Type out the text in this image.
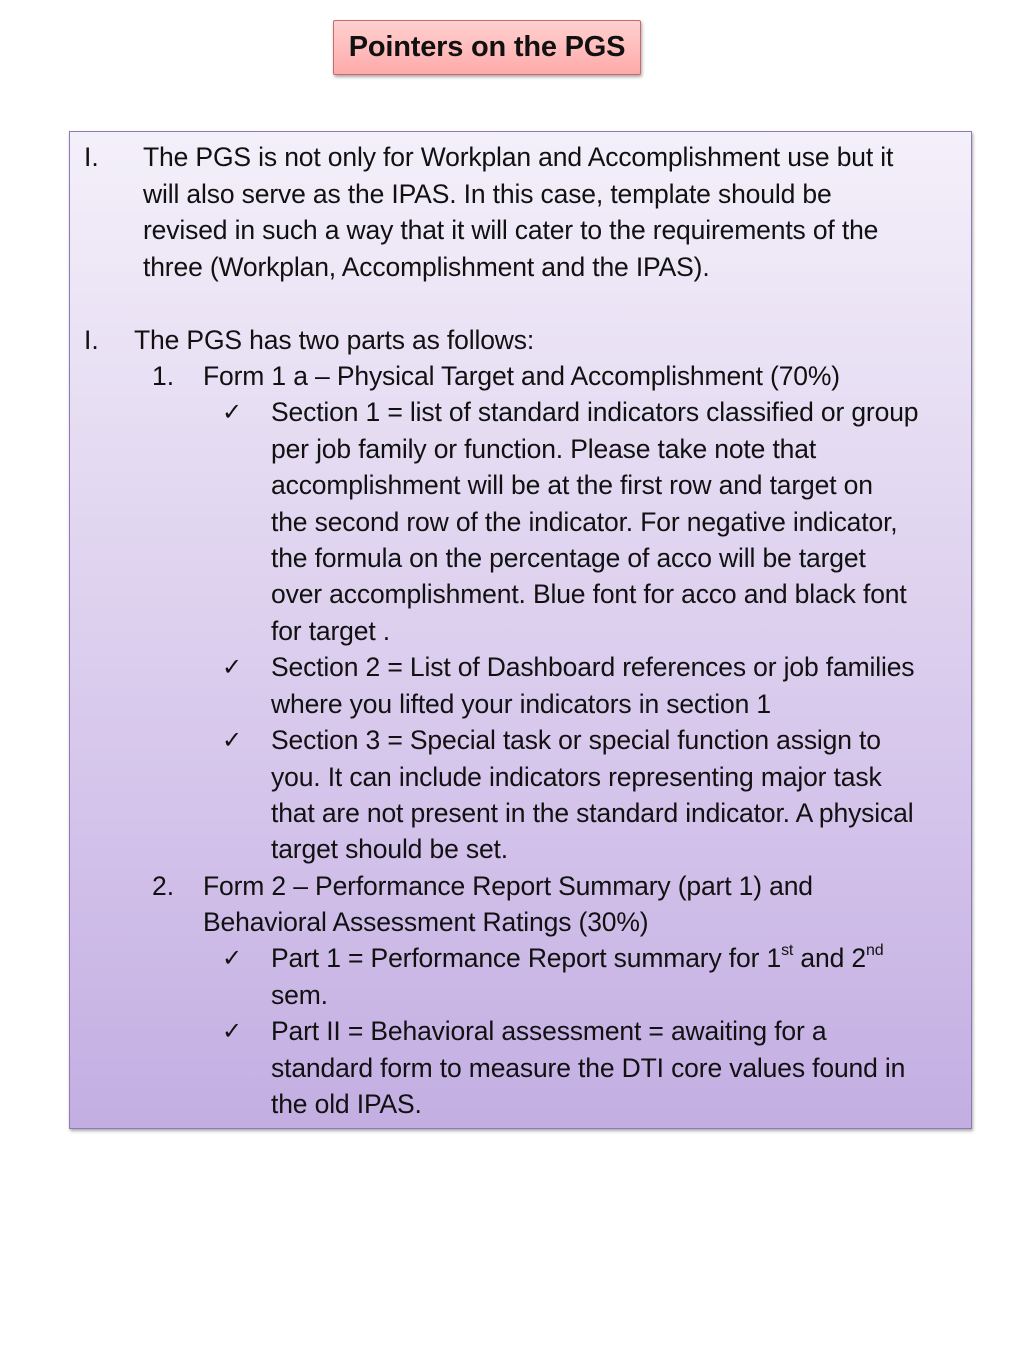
Pointers on the PGS
I. The PGS is not only for Workplan and Accomplishment use but it
will also serve as the IPAS. In this case, template should be
revised in such a way that it will cater to the requirements of the
three (Workplan, Accomplishment and the IPAS).
I. The PGS has two parts as follows:
1. Form 1 a – Physical Target and Accomplishment (70%)
✓ Section 1 = list of standard indicators classified or group
per job family or function. Please take note that
accomplishment will be at the first row and target on
the second row of the indicator. For negative indicator,
the formula on the percentage of acco will be target
over accomplishment. Blue font for acco and black font
for target .
✓ Section 2 = List of Dashboard references or job families
where you lifted your indicators in section 1
✓ Section 3 = Special task or special function assign to
you. It can include indicators representing major task
that are not present in the standard indicator. A physical
target should be set.
2. Form 2 – Performance Report Summary (part 1) and
Behavioral Assessment Ratings (30%)
✓ Part 1 = Performance Report summary for 1st and 2nd
sem.
✓ Part II = Behavioral assessment = awaiting for a
standard form to measure the DTI core values found in
the old IPAS.
